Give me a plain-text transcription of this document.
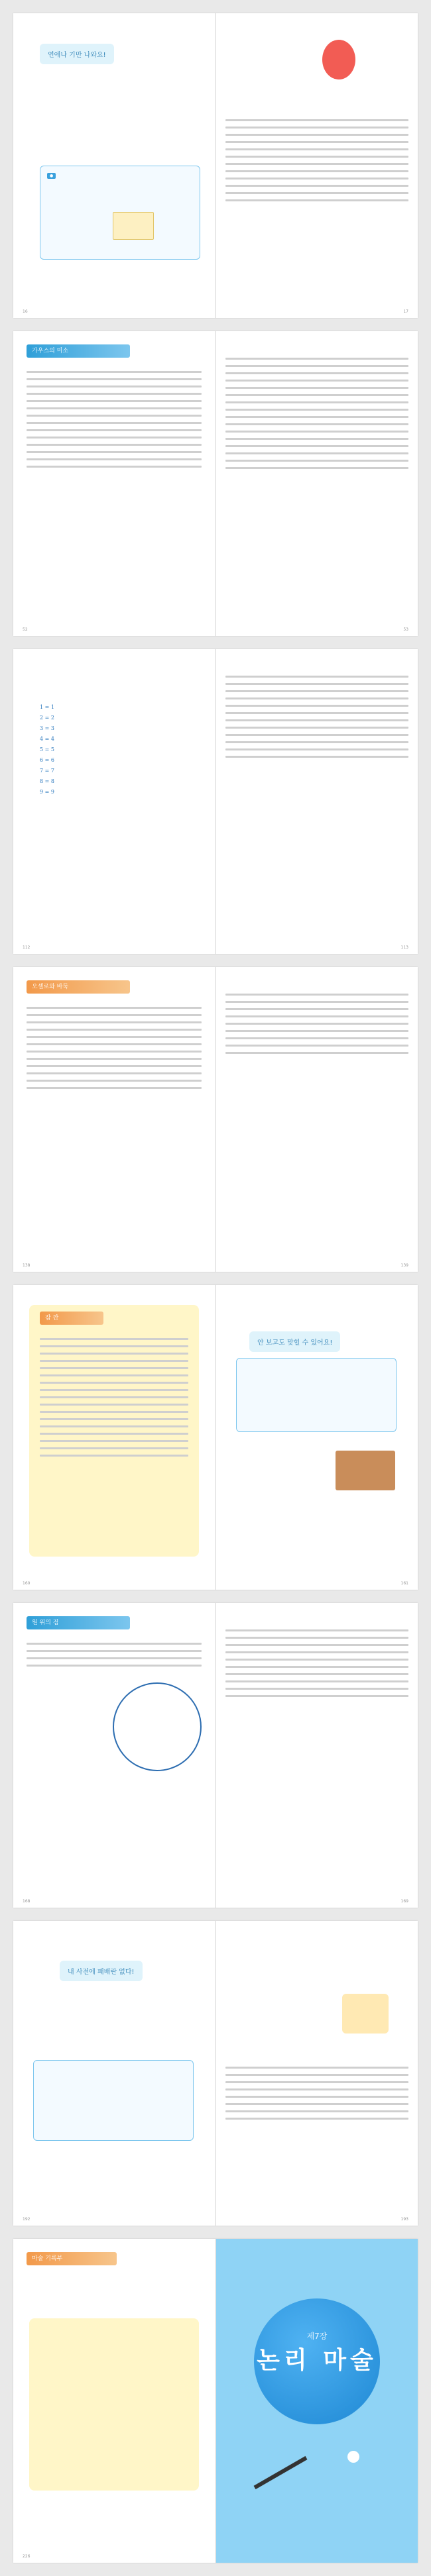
연애나 기만 나와요!
●
16	17
가우스의 미소
52	53
1 = 1
2 = 2
3 = 3
4 = 4
5 = 5
6 = 6
7 = 7
8 = 8
9 = 9
112	113
오셀로와 바둑
138	139
잠 깐
160
안 보고도 맞힐 수 있어요!
161
원 위의 점
168	169
내 사전에 패배란 없다!
192	193
마술 기록부
226
제7장
논리 마술
